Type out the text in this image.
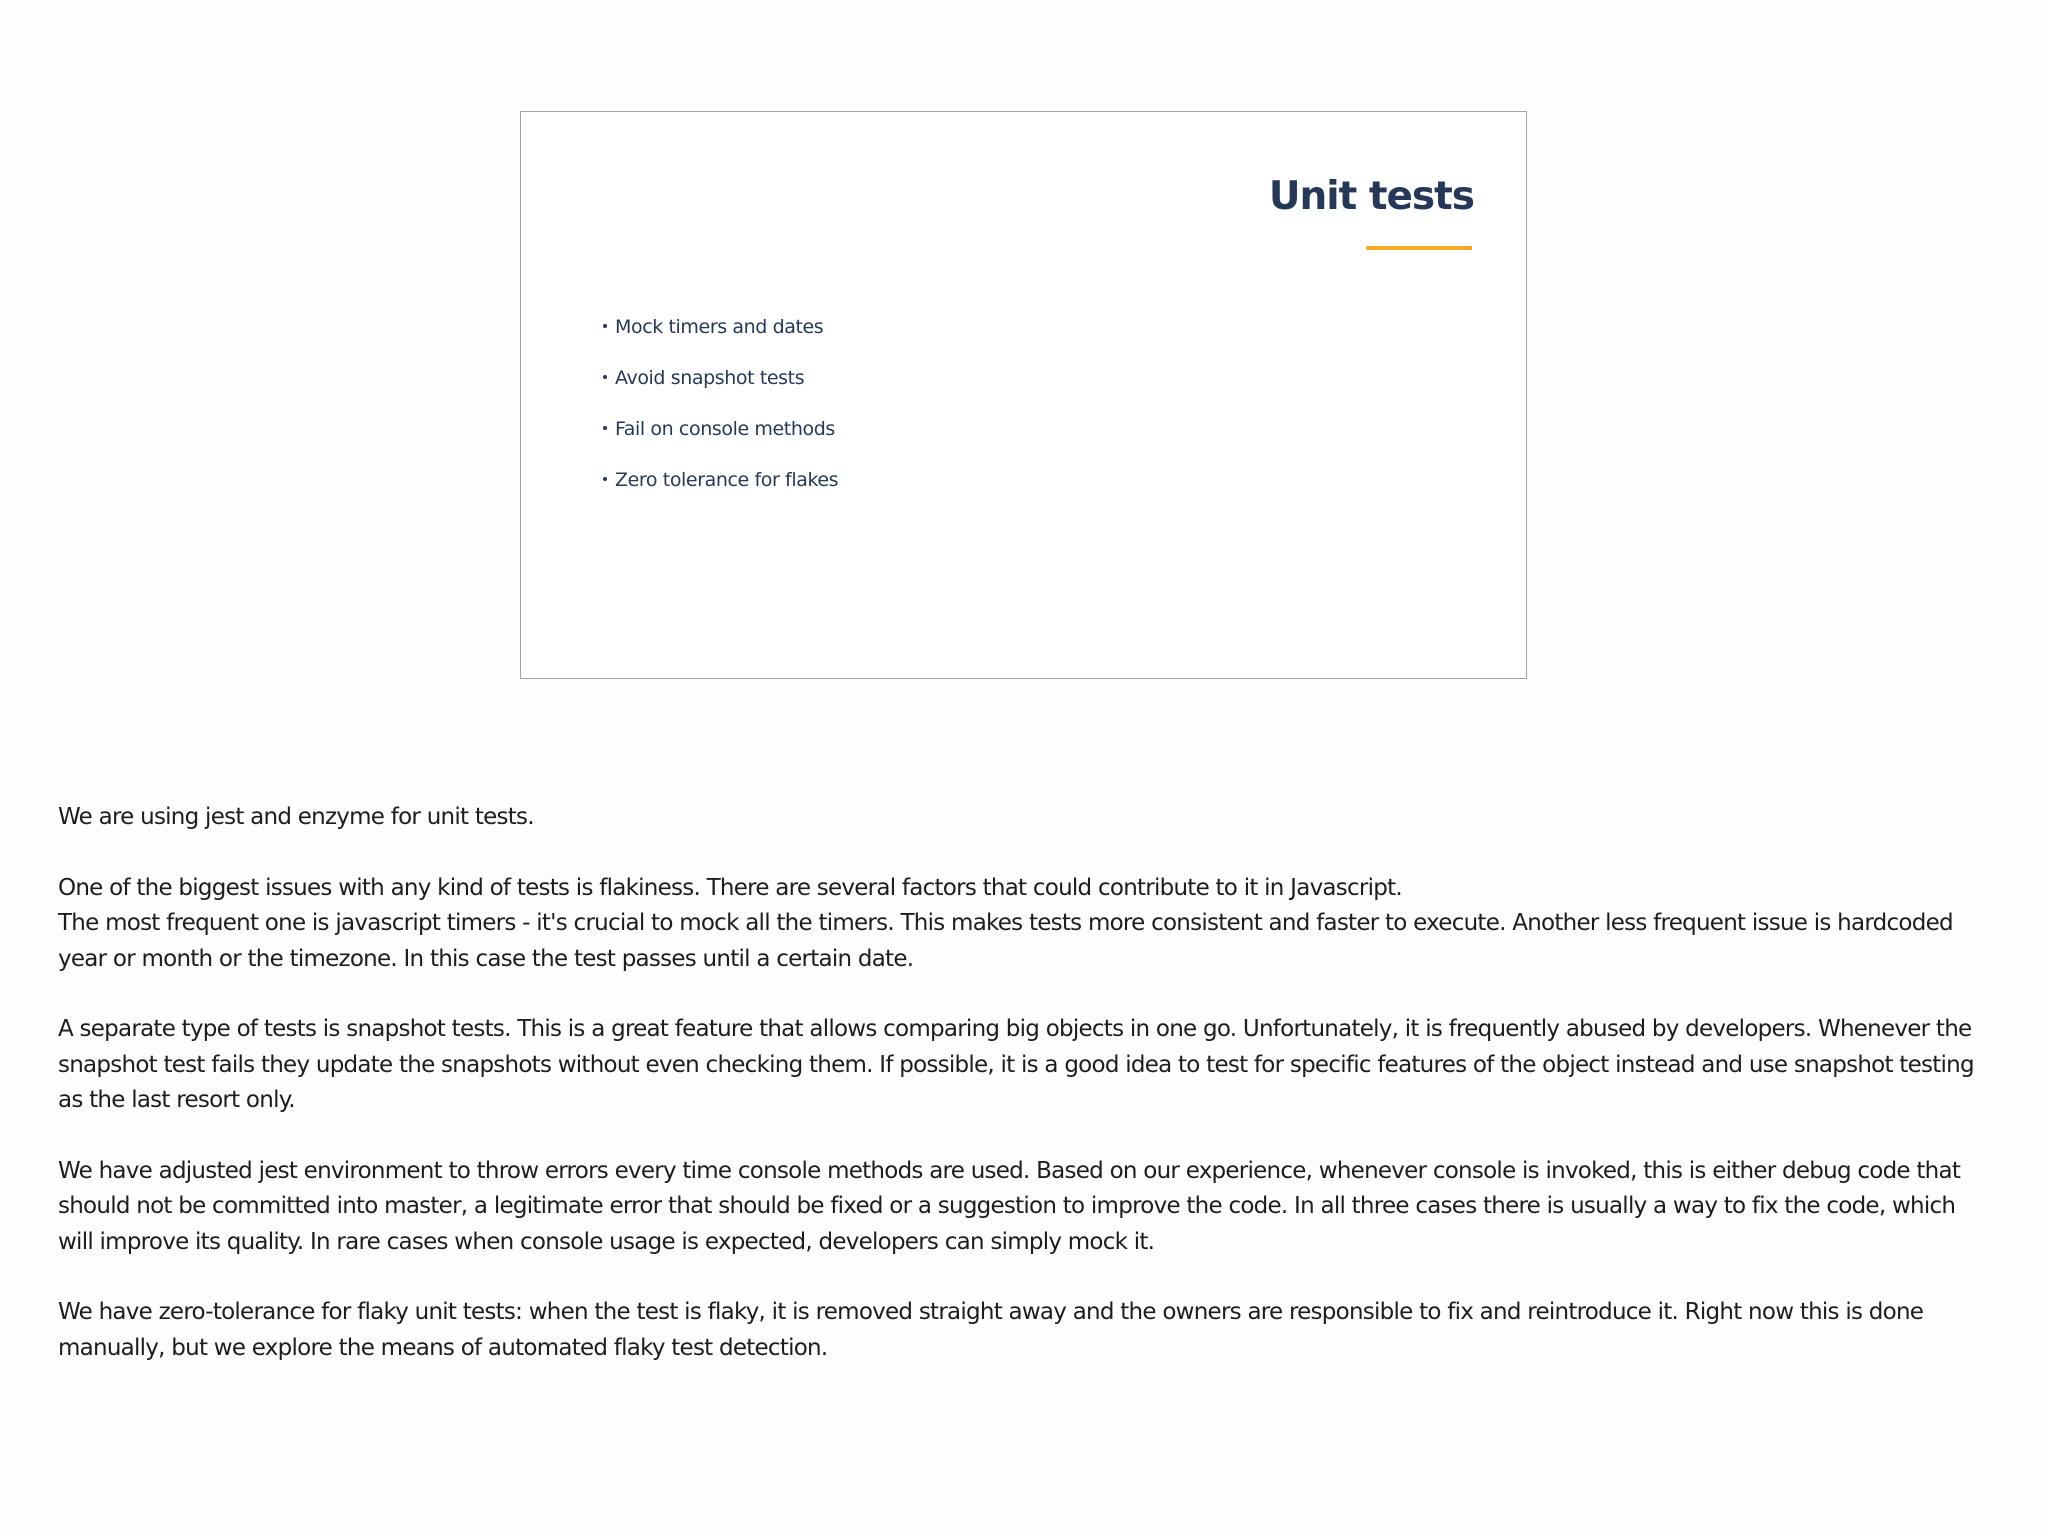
Unit tests
Mock timers and dates
Avoid snapshot tests
Fail on console methods
Zero tolerance for flakes

We are using jest and enzyme for unit tests.

One of the biggest issues with any kind of tests is flakiness. There are several factors that could contribute to it in Javascript.
The most frequent one is javascript timers - it's crucial to mock all the timers. This makes tests more consistent and faster to execute. Another less frequent issue is hardcoded year or month or the timezone. In this case the test passes until a certain date.

A separate type of tests is snapshot tests. This is a great feature that allows comparing big objects in one go. Unfortunately, it is frequently abused by developers. Whenever the snapshot test fails they update the snapshots without even checking them. If possible, it is a good idea to test for specific features of the object instead and use snapshot testing as the last resort only.

We have adjusted jest environment to throw errors every time console methods are used. Based on our experience, whenever console is invoked, this is either debug code that should not be committed into master, a legitimate error that should be fixed or a suggestion to improve the code. In all three cases there is usually a way to fix the code, which will improve its quality. In rare cases when console usage is expected, developers can simply mock it.

We have zero-tolerance for flaky unit tests: when the test is flaky, it is removed straight away and the owners are responsible to fix and reintroduce it. Right now this is done manually, but we explore the means of automated flaky test detection.
